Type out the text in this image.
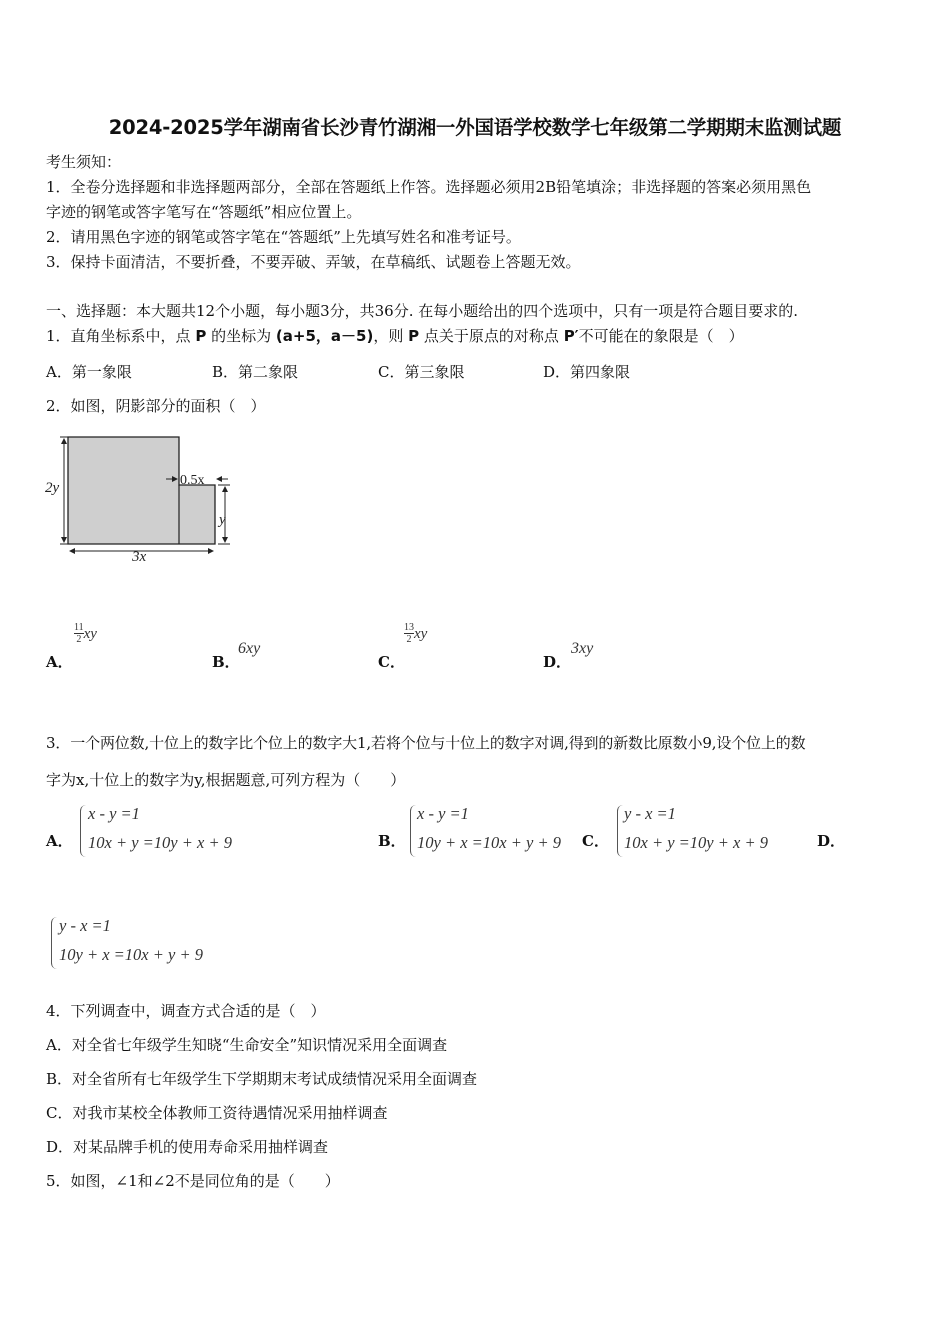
2024-2025学年湖南省长沙青竹湖湘一外国语学校数学七年级第二学期期末监测试题
考生须知：
1．全卷分选择题和非选择题两部分，全部在答题纸上作答。选择题必须用2B铅笔填涂；非选择题的答案必须用黑色
字迹的钢笔或答字笔写在“答题纸”相应位置上。
2．请用黑色字迹的钢笔或答字笔在“答题纸”上先填写姓名和准考证号。
3．保持卡面清洁，不要折叠，不要弄破、弄皱，在草稿纸、试题卷上答题无效。
一、选择题：本大题共12个小题，每小题3分，共36分. 在每小题给出的四个选项中，只有一项是符合题目要求的.
1．直角坐标系中，点 P 的坐标为 (a+5，a－5)，则 P 点关于原点的对称点 P′不可能在的象限是（　）
A．第一象限	B．第二象限	C．第三象限	D．第四象限
2．如图，阴影部分的面积（　）
2y
3x
0.5x
y
A．
$\frac{11}{2}$ xy
B．
6xy
C．
$\frac{13}{2}$ xy
D．
3xy
3．一个两位数,十位上的数字比个位上的数字大1,若将个位与十位上的数字对调,得到的新数比原数小9,设个位上的数
字为x,十位上的数字为y,根据题意,可列方程为（　　）
A．
x - y =1
10x + y =10y + x + 9	B．
x - y =1
10y + x =10x + y + 9 C．
y - x =1
10x + y =10y + x + 9	D．
y - x =1
10y + x =10x + y + 9
4．下列调查中，调查方式合适的是（　）
A．对全省七年级学生知晓“生命安全”知识情况采用全面调查
B．对全省所有七年级学生下学期期末考试成绩情况采用全面调查
C．对我市某校全体教师工资待遇情况采用抽样调查
D．对某品牌手机的使用寿命采用抽样调查
5．如图，∠1和∠2不是同位角的是（　　）
